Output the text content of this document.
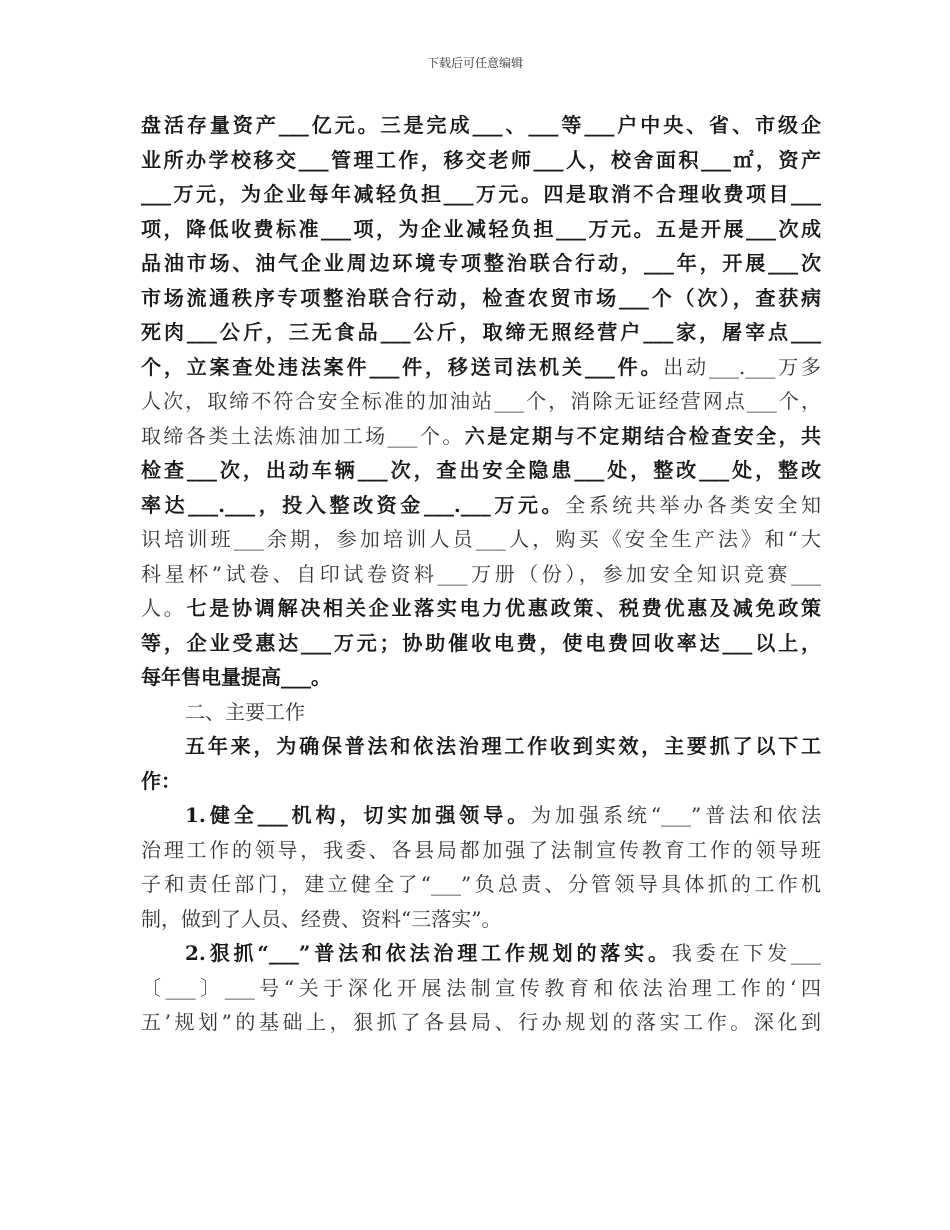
下载后可任意编辑
盘活存量资产___亿元。三是完成___、___等___户中央、省、市级企
业所办学校移交___管理工作，移交老师___人，校舍面积___㎡，资产
___万元，为企业每年减轻负担___万元。四是取消不合理收费项目___
项，降低收费标准___项，为企业减轻负担___万元。五是开展___次成
品油市场、油气企业周边环境专项整治联合行动，___年，开展___次
市场流通秩序专项整治联合行动，检查农贸市场___个（次），查获病
死肉___公斤，三无食品___公斤，取缔无照经营户___家，屠宰点___
个，立案查处违法案件___件，移送司法机关___件。出动___.___万多
人次，取缔不符合安全标准的加油站___个，消除无证经营网点___个，
取缔各类土法炼油加工场___个。六是定期与不定期结合检查安全，共
检查___次，出动车辆___次，查出安全隐患___处，整改___处，整改
率达___.___，投入整改资金___.___万元。全系统共举办各类安全知
识培训班___余期，参加培训人员___人，购买《安全生产法》和“大
科星杯”试卷、自印试卷资料___万册（份），参加安全知识竞赛___
人。七是协调解决相关企业落实电力优惠政策、税费优惠及减免政策
等，企业受惠达___万元；协助催收电费，使电费回收率达___以上，
每年售电量提高___。
二、主要工作
五年来，为确保普法和依法治理工作收到实效，主要抓了以下工
作：
1.健全___机构，切实加强领导。为加强系统“___”普法和依法
治理工作的领导，我委、各县局都加强了法制宣传教育工作的领导班
子和责任部门，建立健全了“___”负总责、分管领导具体抓的工作机
制，做到了人员、经费、资料“三落实”。
2.狠抓“___”普法和依法治理工作规划的落实。我委在下发___
〔___〕___号“关于深化开展法制宣传教育和依法治理工作的‘四
五’规划”的基础上，狠抓了各县局、行办规划的落实工作。深化到
